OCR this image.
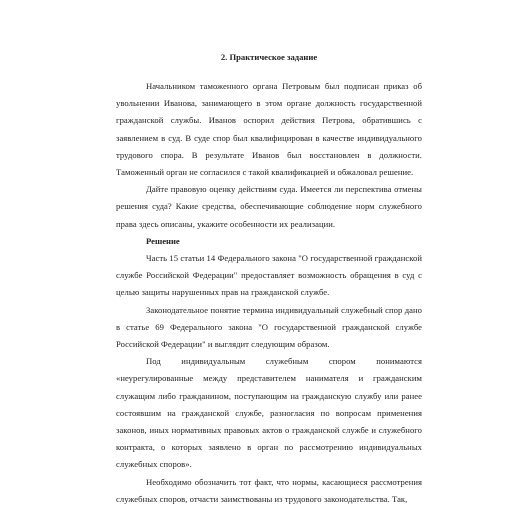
2. Практическое задание

Начальником таможенного органа Петровым был подписан приказ об увольнении Иванова, занимающего в этом органе должность государственной гражданской службы. Иванов оспорил действия Петрова, обратившись с заявлением в суд. В суде спор был квалифицирован в качестве индивидуального трудового спора. В результате Иванов был восстановлен в должности. Таможенный орган не согласился с такой квалификацией и обжаловал решение.

Дайте правовую оценку действиям суда. Имеется ли перспектива отмены решения суда? Какие средства, обеспечивающие соблюдение норм служебного права здесь описаны, укажите особенности их реализации.

Решение

Часть 15 статьи 14 Федерального закона "О государственной гражданской службе Российской Федерации" предоставляет возможность обращения в суд с целью защиты нарушенных прав на гражданской службе.

Законодательное понятие термина индивидуальный служебный спор дано в статье 69 Федерального закона "О государственной гражданской службе Российской Федерации" и выглядит следующим образом.

Под индивидуальным служебным спором понимаются «неурегулированные между представителем нанимателя и гражданским служащим либо гражданином, поступающим на гражданскую службу или ранее состоявшим на гражданской службе, разногласия по вопросам применения законов, иных нормативных правовых актов о гражданской службе и служебного контракта, о которых заявлено в орган по рассмотрению индивидуальных служебных споров».

Необходимо обозначить тот факт, что нормы, касающиеся рассмотрения служебных споров, отчасти заимствованы из трудового законодательства. Так,
